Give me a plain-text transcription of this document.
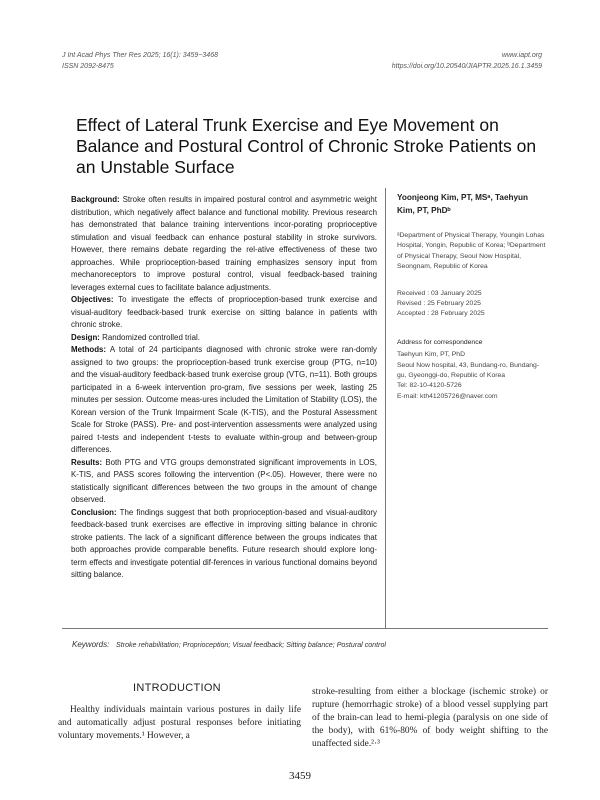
J Int Acad Phys Ther Res 2025; 16(1): 3459~3468
ISSN 2092-8475
www.iapt.org
https://doi.org/10.20540/JIAPTR.2025.16.1.3459
Effect of Lateral Trunk Exercise and Eye Movement on Balance and Postural Control of Chronic Stroke Patients on an Unstable Surface

Background: Stroke often results in impaired postural control and asymmetric weight distribution, which negatively affect balance and functional mobility. Previous research has demonstrated that balance training interventions incor-porating proprioceptive stimulation and visual feedback can enhance postural stability in stroke survivors. However, there remains debate regarding the rel-ative effectiveness of these two approaches. While proprioception-based training emphasizes sensory input from mechanoreceptors to improve postural control, visual feedback-based training leverages external cues to facilitate balance adjustments.

Objectives: To investigate the effects of proprioception-based trunk exercise and visual-auditory feedback-based trunk exercise on sitting balance in patients with chronic stroke.

Design: Randomized controlled trial.

Methods: A total of 24 participants diagnosed with chronic stroke were ran-domly assigned to two groups: the proprioception-based trunk exercise group (PTG, n=10) and the visual-auditory feedback-based trunk exercise group (VTG, n=11). Both groups participated in a 6-week intervention pro-gram, five sessions per week, lasting 25 minutes per session. Outcome meas-ures included the Limitation of Stability (LOS), the Korean version of the Trunk Impairment Scale (K-TIS), and the Postural Assessment Scale for Stroke (PASS). Pre- and post-intervention assessments were analyzed using paired t-tests and independent t-tests to evaluate within-group and between-group differences.

Results: Both PTG and VTG groups demonstrated significant improvements in LOS, K-TIS, and PASS scores following the intervention (P<.05). However, there were no statistically significant differences between the two groups in the amount of change observed.

Conclusion: The findings suggest that both proprioception-based and visual-auditory feedback-based trunk exercises are effective in improving sitting balance in chronic stroke patients. The lack of a significant difference between the groups indicates that both approaches provide comparable benefits. Future research should explore long-term effects and investigate potential dif-ferences in various functional domains beyond sitting balance.

Yoonjeong Kim, PT, MSᵃ, Taehyun Kim, PT, PhDᵇ
ᵃDepartment of Physical Therapy, Youngin Lohas Hospital, Yongin, Republic of Korea; ᵇDepartment of Physical Therapy, Seoul Now Hospital, Seongnam, Republic of Korea
Received : 03 January 2025
Revised : 25 February 2025
Accepted : 28 February 2025
Address for correspondence
Taehyun Kim, PT, PhD
Seoul Now hospital, 43, Bundang-ro, Bundang-gu, Gyeonggi-do, Republic of Korea
Tel: 82-10-4120-5726
E-mail: kth41205726@naver.com
Keywords: Stroke rehabilitation; Proprioception; Visual feedback; Sitting balance; Postural control
INTRODUCTION
Healthy individuals maintain various postures in daily life and automatically adjust postural responses before initiating voluntary movements.¹ However, a
stroke-resulting from either a blockage (ischemic stroke) or rupture (hemorrhagic stroke) of a blood vessel supplying part of the brain-can lead to hemi-plegia (paralysis on one side of the body), with 61%-80% of body weight shifting to the unaffected side.²·³
3459
